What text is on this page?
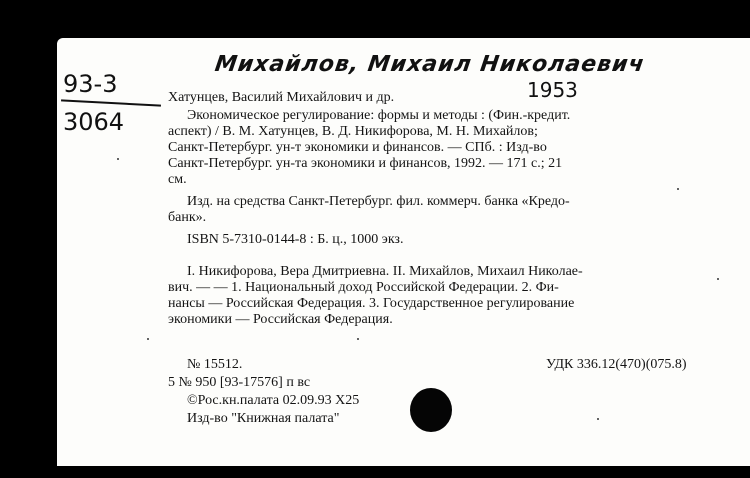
Михайлов, Михаил Николаевич
1953
93-3
3064
Хатунцев, Василий Михайлович и др.
Экономическое регулирование: формы и методы : (Фин.-кредит.
аспект) / В. М. Хатунцев, В. Д. Никифорова, М. Н. Михайлов;
Санкт-Петербург. ун-т экономики и финансов. — СПб. : Изд-во
Санкт-Петербург. ун-та экономики и финансов, 1992. — 171 с.; 21
см.
Изд. на средства Санкт-Петербург. фил. коммерч. банка «Кредо-
банк».
ISBN 5-7310-0144-8 : Б. ц., 1000 экз.
I. Никифорова, Вера Дмитриевна. II. Михайлов, Михаил Николае-
вич. — — 1. Национальный доход Российской Федерации. 2. Фи-
нансы — Российская Федерация. 3. Государственное регулирование
экономики — Российская Федерация.
№ 15512.	УДК 336.12(470)(075.8)
5 № 950 [93-17576] п вс
©Рос.кн.палата 02.09.93 Х25
Изд-во "Книжная палата"
